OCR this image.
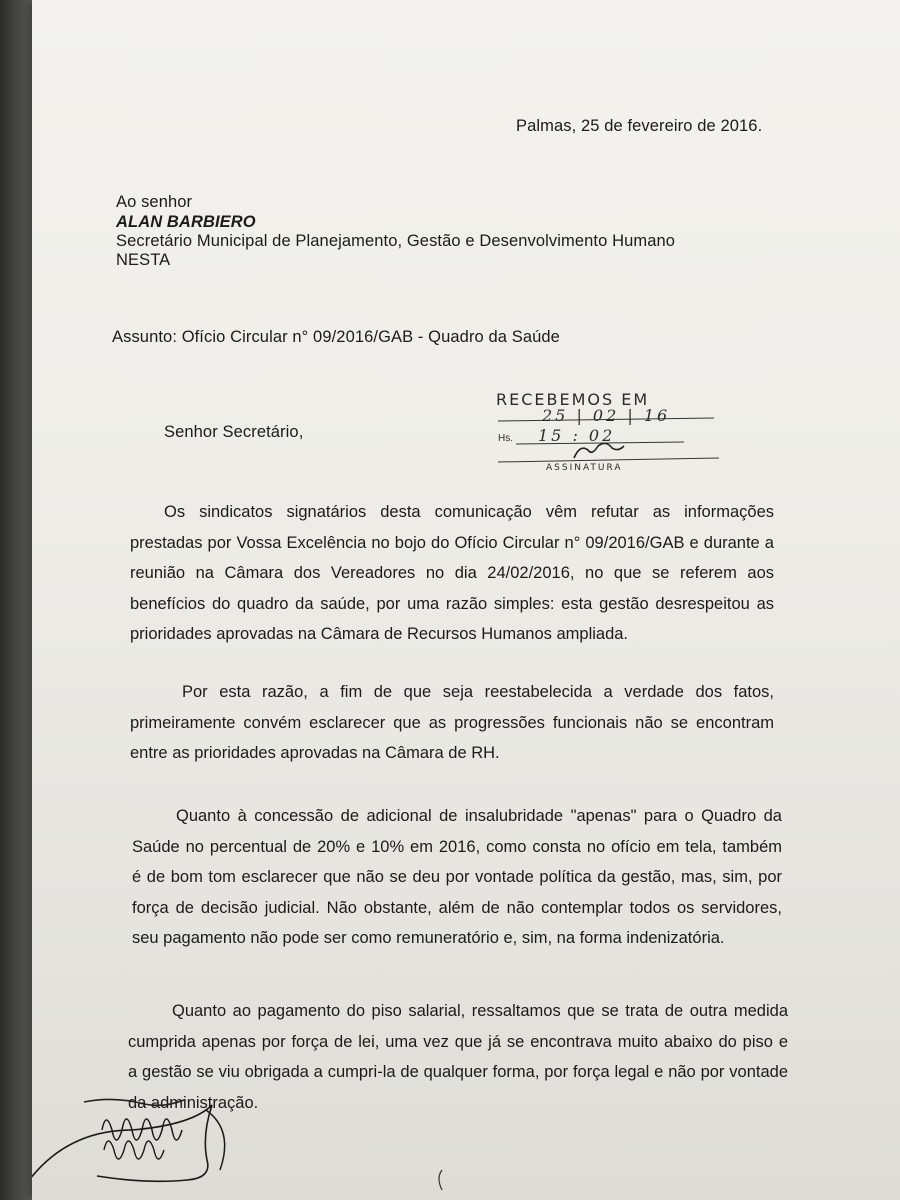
Palmas, 25 de fevereiro de 2016.
Ao senhor
ALAN BARBIERO
Secretário Municipal de Planejamento, Gestão e Desenvolvimento Humano
NESTA
Assunto: Ofício Circular n° 09/2016/GAB - Quadro da Saúde
Senhor Secretário,
RECEBEMOS EM
25 | 02 | 16
Hs. 15 : 02
ASSINATURA

Os sindicatos signatários desta comunicação vêm refutar as informações

prestadas por Vossa Excelência no bojo do Ofício Circular n° 09/2016/GAB e durante a

reunião na Câmara dos Vereadores no dia 24/02/2016, no que se referem aos

benefícios do quadro da saúde, por uma razão simples: esta gestão desrespeitou as

prioridades aprovadas na Câmara de Recursos Humanos ampliada.

Por esta razão, a fim de que seja reestabelecida a verdade dos fatos,

primeiramente convém esclarecer que as progressões funcionais não se encontram

entre as prioridades aprovadas na Câmara de RH.

Quanto à concessão de adicional de insalubridade "apenas" para o Quadro da

Saúde no percentual de 20% e 10% em 2016, como consta no ofício em tela, também

é de bom tom esclarecer que não se deu por vontade política da gestão, mas, sim, por

força de decisão judicial. Não obstante, além de não contemplar todos os servidores,

seu pagamento não pode ser como remuneratório e, sim, na forma indenizatória.

Quanto ao pagamento do piso salarial, ressaltamos que se trata de outra medida

cumprida apenas por força de lei, uma vez que já se encontrava muito abaixo do piso e

a gestão se viu obrigada a cumpri-la de qualquer forma, por força legal e não por vontade

da administração.
